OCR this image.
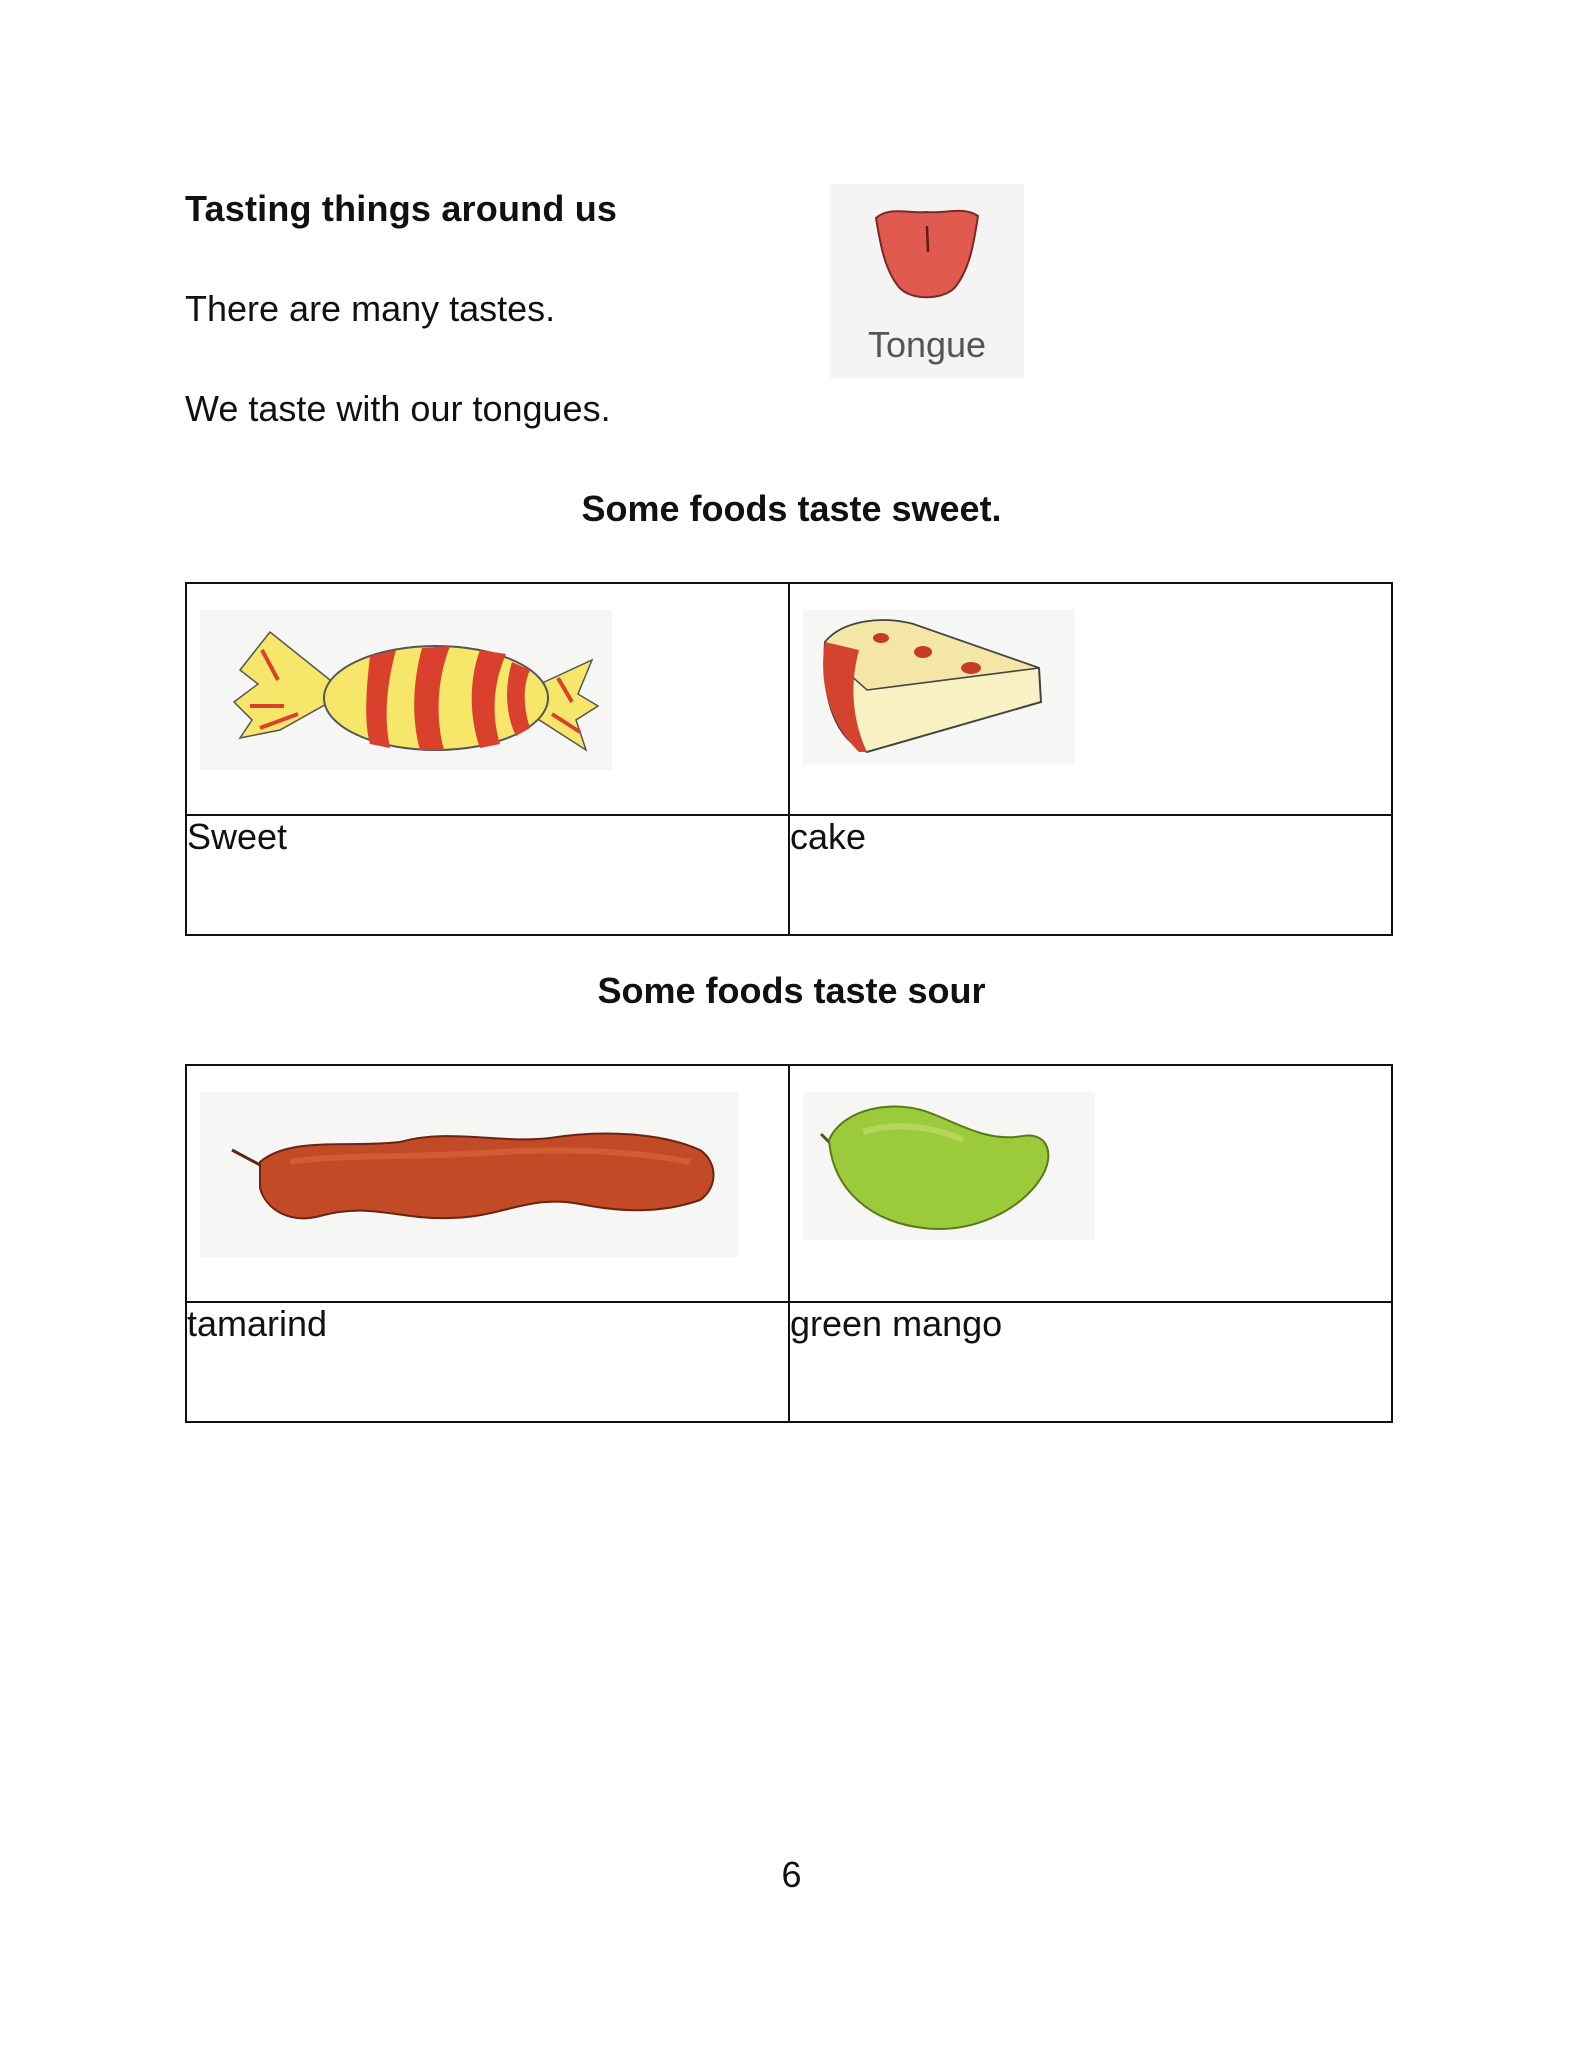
Tasting things around us
There are many tastes.
We taste with our tongues.
Tongue
Some foods taste sweet.

Sweet	cake
Some foods taste sour

tamarind	green mango
6
